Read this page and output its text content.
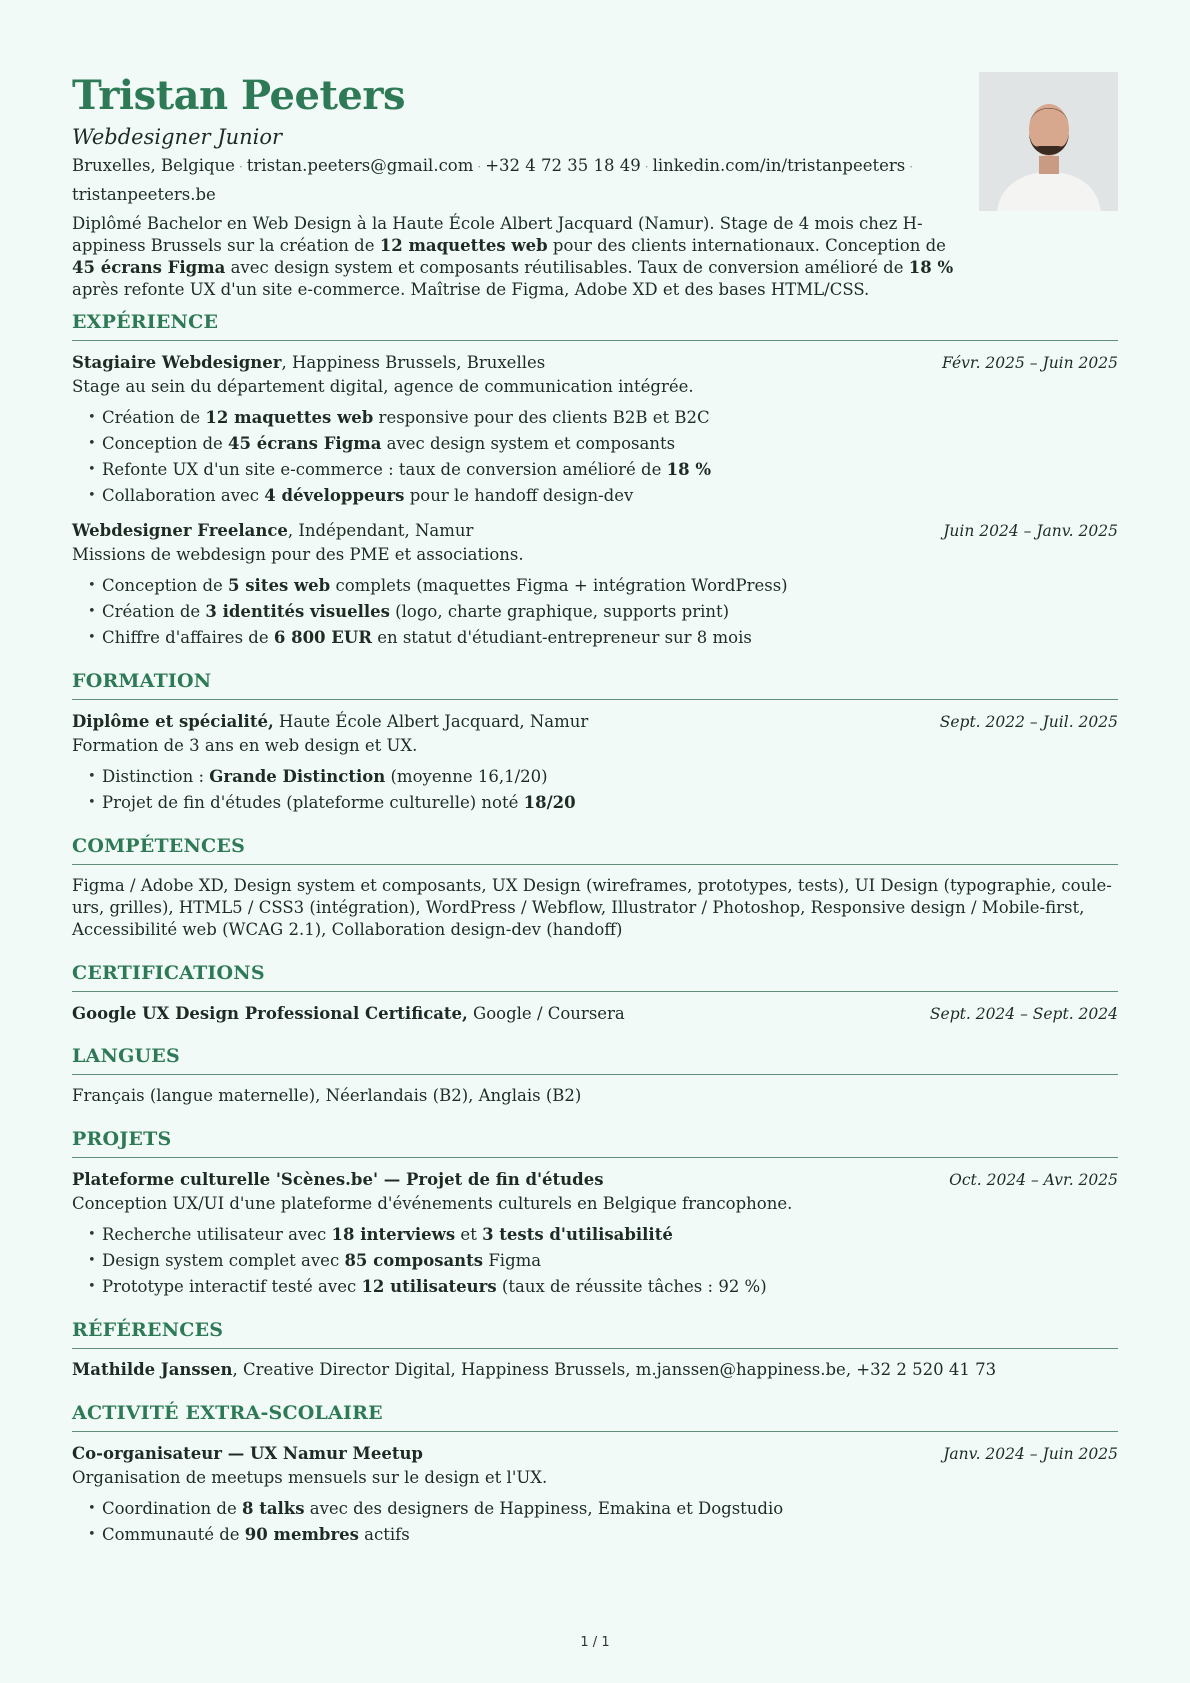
Tristan Peeters
Webdesigner Junior
Bruxelles, Belgique · tristan.peeters@gmail.com · +32 4 72 35 18 49 · linkedin.com/in/tristanpeeters ·
tristanpeeters.be
Diplômé Bachelor en Web Design à la Haute École Albert Jacquard (Namur). Stage de 4 mois chez H-appiness Brussels sur la création de 12 maquettes web pour des clients internationaux. Conception de 45 écrans Figma avec design system et composants réutilisables. Taux de conversion amélioré de 18 % après refonte UX d'un site e-commerce. Maîtrise de Figma, Adobe XD et des bases HTML/CSS.
EXPÉRIENCE
Stagiaire Webdesigner, Happiness Brussels, Bruxelles	Févr. 2025 – Juin 2025
Stage au sein du département digital, agence de communication intégrée.
• Création de 12 maquettes web responsive pour des clients B2B et B2C
• Conception de 45 écrans Figma avec design system et composants
• Refonte UX d'un site e-commerce : taux de conversion amélioré de 18 %
• Collaboration avec 4 développeurs pour le handoff design-dev
Webdesigner Freelance, Indépendant, Namur	Juin 2024 – Janv. 2025
Missions de webdesign pour des PME et associations.
• Conception de 5 sites web complets (maquettes Figma + intégration WordPress)
• Création de 3 identités visuelles (logo, charte graphique, supports print)
• Chiffre d'affaires de 6 800 EUR en statut d'étudiant-entrepreneur sur 8 mois
FORMATION
Diplôme et spécialité, Haute École Albert Jacquard, Namur	Sept. 2022 – Juil. 2025
Formation de 3 ans en web design et UX.
• Distinction : Grande Distinction (moyenne 16,1/20)
• Projet de fin d'études (plateforme culturelle) noté 18/20
COMPÉTENCES
Figma / Adobe XD, Design system et composants, UX Design (wireframes, prototypes, tests), UI Design (typographie, coule-urs, grilles), HTML5 / CSS3 (intégration), WordPress / Webflow, Illustrator / Photoshop, Responsive design / Mobile-first, Accessibilité web (WCAG 2.1), Collaboration design-dev (handoff)
CERTIFICATIONS
Google UX Design Professional Certificate, Google / Coursera	Sept. 2024 – Sept. 2024
LANGUES
Français (langue maternelle), Néerlandais (B2), Anglais (B2)
PROJETS
Plateforme culturelle 'Scènes.be' — Projet de fin d'études	Oct. 2024 – Avr. 2025
Conception UX/UI d'une plateforme d'événements culturels en Belgique francophone.
• Recherche utilisateur avec 18 interviews et 3 tests d'utilisabilité
• Design system complet avec 85 composants Figma
• Prototype interactif testé avec 12 utilisateurs (taux de réussite tâches : 92 %)
RÉFÉRENCES
Mathilde Janssen, Creative Director Digital, Happiness Brussels, m.janssen@happiness.be, +32 2 520 41 73
ACTIVITÉ EXTRA-SCOLAIRE
Co-organisateur — UX Namur Meetup	Janv. 2024 – Juin 2025
Organisation de meetups mensuels sur le design et l'UX.
• Coordination de 8 talks avec des designers de Happiness, Emakina et Dogstudio
• Communauté de 90 membres actifs
1 / 1
